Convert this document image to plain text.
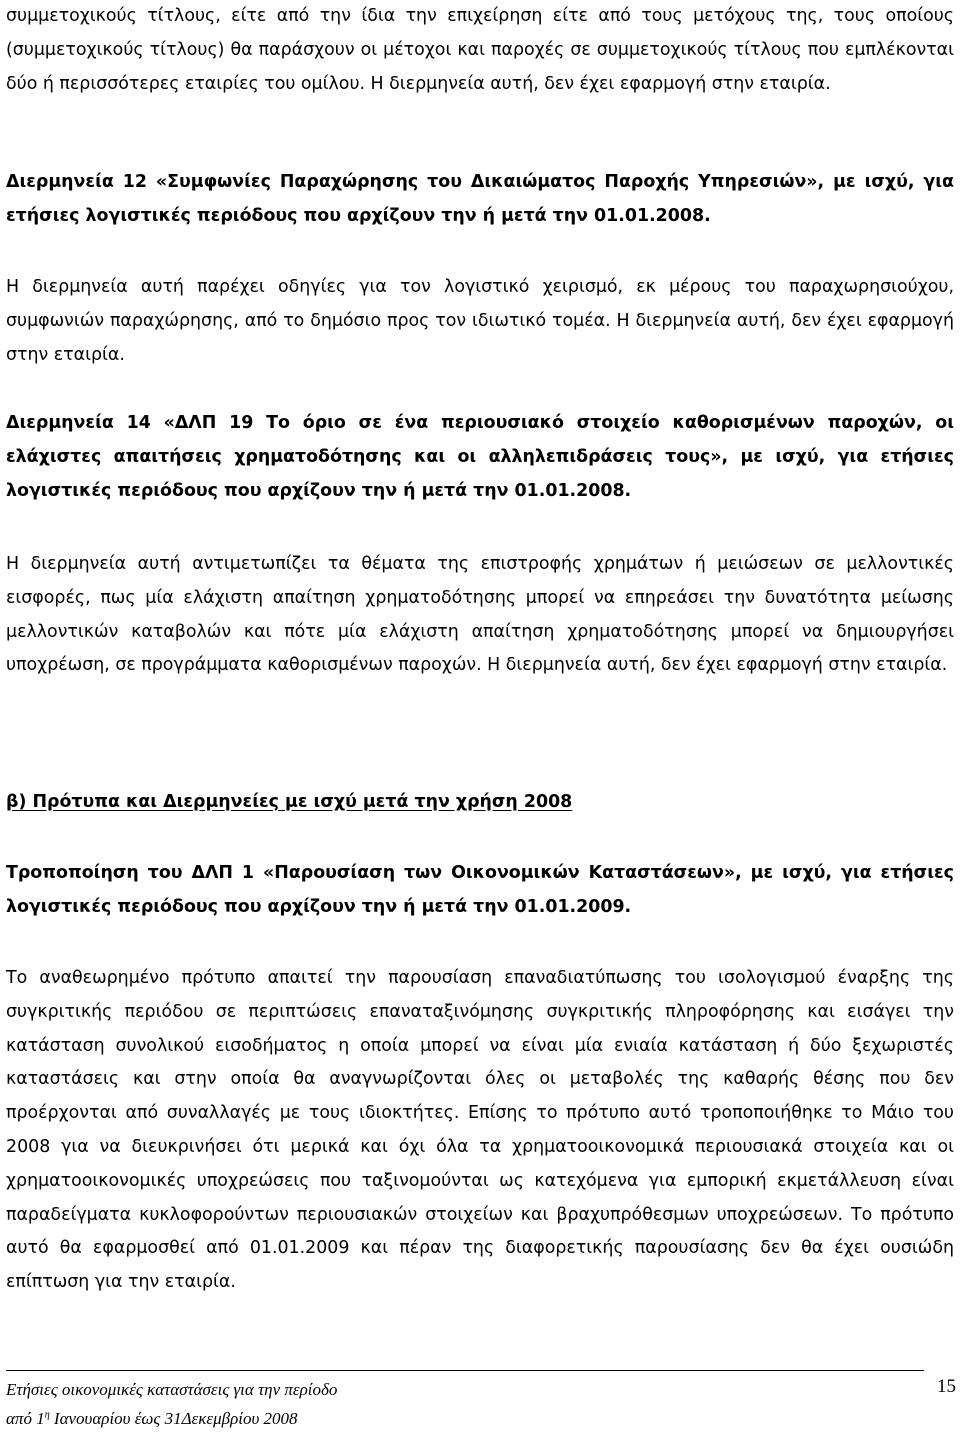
συμμετοχικούς τίτλους, είτε από την ίδια την επιχείρηση είτε από τους μετόχους της, τους οποίους (συμμετοχικούς τίτλους) θα παράσχουν οι μέτοχοι και παροχές σε συμμετοχικούς τίτλους που εμπλέκονται δύο ή περισσότερες εταιρίες του ομίλου. Η διερμηνεία αυτή, δεν έχει εφαρμογή στην εταιρία.
Διερμηνεία 12 «Συμφωνίες Παραχώρησης του Δικαιώματος Παροχής Υπηρεσιών», με ισχύ, για ετήσιες λογιστικές περιόδους που αρχίζουν την ή μετά την 01.01.2008.
Η διερμηνεία αυτή παρέχει οδηγίες για τον λογιστικό χειρισμό, εκ μέρους του παραχωρησιούχου, συμφωνιών παραχώρησης, από το δημόσιο προς τον ιδιωτικό τομέα. Η διερμηνεία αυτή, δεν έχει εφαρμογή στην εταιρία.
Διερμηνεία 14 «ΔΛΠ 19 Το όριο σε ένα περιουσιακό στοιχείο καθορισμένων παροχών, οι ελάχιστες απαιτήσεις χρηματοδότησης και οι αλληλεπιδράσεις τους», με ισχύ, για ετήσιες λογιστικές περιόδους που αρχίζουν την ή μετά την 01.01.2008.
Η διερμηνεία αυτή αντιμετωπίζει τα θέματα της επιστροφής χρημάτων ή μειώσεων σε μελλοντικές εισφορές, πως μία ελάχιστη απαίτηση χρηματοδότησης μπορεί να επηρεάσει την δυνατότητα μείωσης μελλοντικών καταβολών και πότε μία ελάχιστη απαίτηση χρηματοδότησης μπορεί να δημιουργήσει υποχρέωση, σε προγράμματα καθορισμένων παροχών. Η διερμηνεία αυτή, δεν έχει εφαρμογή στην εταιρία.
β) Πρότυπα και Διερμηνείες με ισχύ μετά την χρήση 2008
Τροποποίηση του ΔΛΠ 1 «Παρουσίαση των Οικονομικών Καταστάσεων», με ισχύ, για ετήσιες λογιστικές περιόδους που αρχίζουν την ή μετά την 01.01.2009.
Το αναθεωρημένο πρότυπο απαιτεί την παρουσίαση επαναδιατύπωσης του ισολογισμού έναρξης της συγκριτικής περιόδου σε περιπτώσεις επαναταξινόμησης συγκριτικής πληροφόρησης και εισάγει την κατάσταση συνολικού εισοδήματος η οποία μπορεί να είναι μία ενιαία κατάσταση ή δύο ξεχωριστές καταστάσεις και στην οποία θα αναγνωρίζονται όλες οι μεταβολές της καθαρής θέσης που δεν προέρχονται από συναλλαγές με τους ιδιοκτήτες. Επίσης το πρότυπο αυτό τροποποιήθηκε το Μάιο του 2008 για να διευκρινήσει ότι μερικά και όχι όλα τα χρηματοοικονομικά περιουσιακά στοιχεία και οι χρηματοοικονομικές υποχρεώσεις που ταξινομούνται ως κατεχόμενα για εμπορική εκμετάλλευση είναι παραδείγματα κυκλοφορούντων περιουσιακών στοιχείων και βραχυπρόθεσμων υποχρεώσεων. Το πρότυπο αυτό θα εφαρμοσθεί από 01.01.2009 και πέραν της διαφορετικής παρουσίασης δεν θα έχει ουσιώδη επίπτωση για την εταιρία.
Ετήσιες οικονομικές καταστάσεις για την περίοδο
από $1^\eta$ Ιανουαρίου έως 31Δεκεμβρίου 2008
15
